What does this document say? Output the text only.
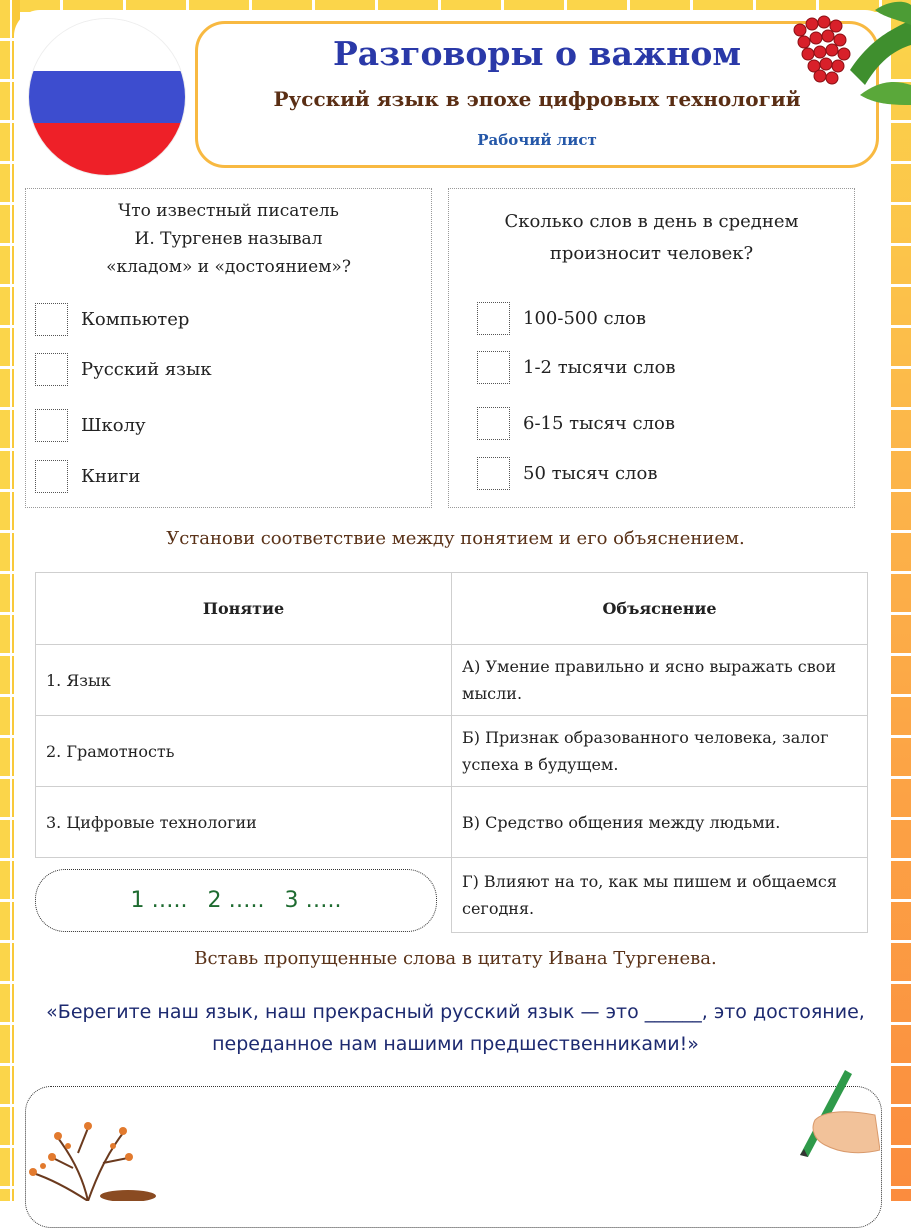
Разговоры о важном
Русский язык в эпохе цифровых технологий
Рабочий лист
Что известный писатель
И. Тургенев называл
«кладом» и «достоянием»?
Компьютер
Русский язык
Школу
Книги
Сколько слов в день в среднем
произносит человек?
100-500 слов
1-2 тысячи слов
6-15 тысяч слов
50 тысяч слов
Установи соответствие между понятием и его объяснением.
Понятие	Объяснение
1. Язык	А) Умение правильно и ясно выражать свои мысли.
2. Грамотность	Б) Признак образованного человека, залог успеха в будущем.
3. Цифровые технологии	В) Средство общения между людьми.
	Г) Влияют на то, как мы пишем и общаемся сегодня.
1 ….. 2 ….. 3 …..
Вставь пропущенные слова в цитату Ивана Тургенева.
«Берегите наш язык, наш прекрасный русский язык — это ______, это достояние, переданное нам нашими предшественниками!»
